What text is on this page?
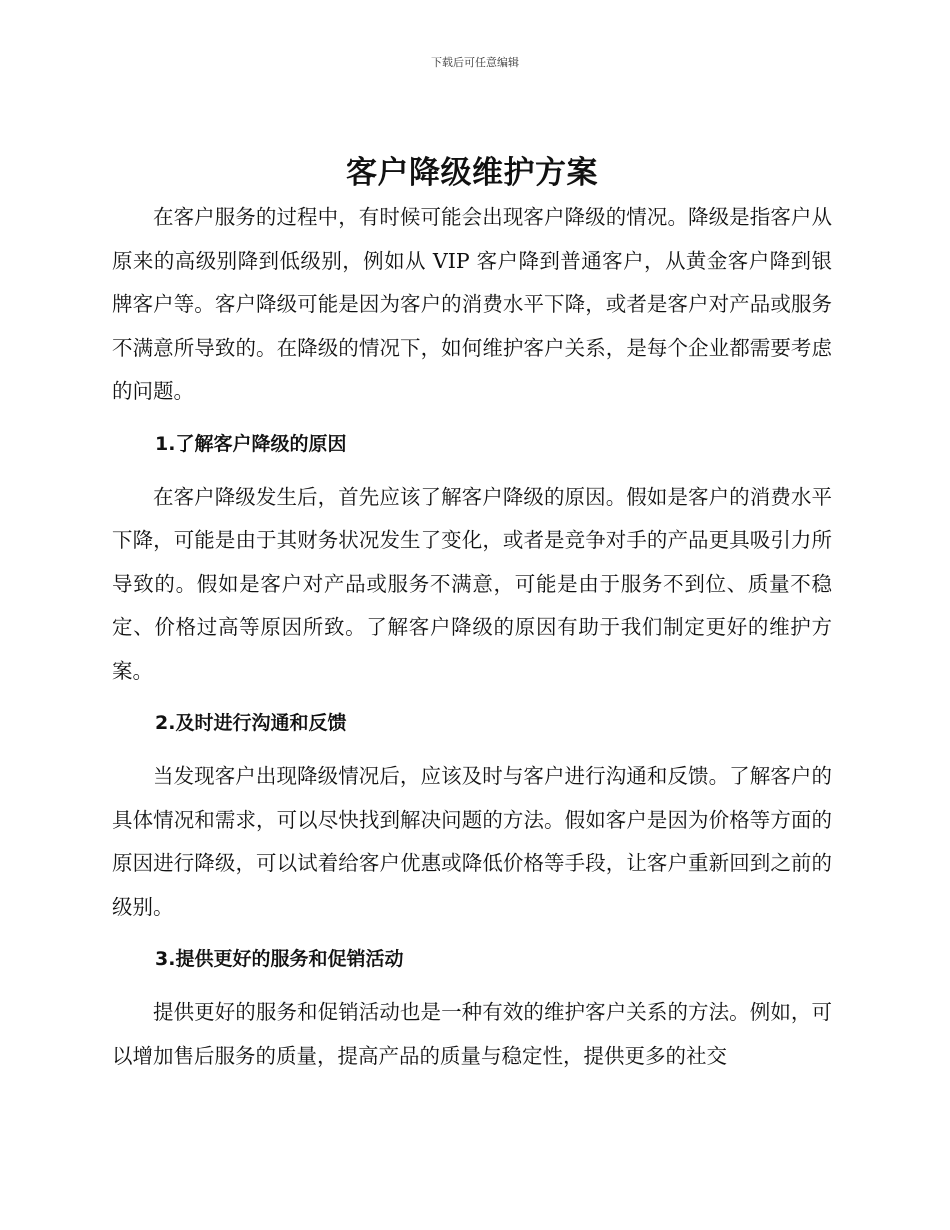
下载后可任意编辑
客户降级维护方案

在客户服务的过程中，有时候可能会出现客户降级的情况。降级是指客户从原来的高级别降到低级别，例如从 VIP 客户降到普通客户，从黄金客户降到银牌客户等。客户降级可能是因为客户的消费水平下降，或者是客户对产品或服务不满意所导致的。在降级的情况下，如何维护客户关系，是每个企业都需要考虑的问题。

1.了解客户降级的原因

在客户降级发生后，首先应该了解客户降级的原因。假如是客户的消费水平下降，可能是由于其财务状况发生了变化，或者是竞争对手的产品更具吸引力所导致的。假如是客户对产品或服务不满意，可能是由于服务不到位、质量不稳定、价格过高等原因所致。了解客户降级的原因有助于我们制定更好的维护方案。

2.及时进行沟通和反馈

当发现客户出现降级情况后，应该及时与客户进行沟通和反馈。了解客户的具体情况和需求，可以尽快找到解决问题的方法。假如客户是因为价格等方面的原因进行降级，可以试着给客户优惠或降低价格等手段，让客户重新回到之前的级别。

3.提供更好的服务和促销活动

提供更好的服务和促销活动也是一种有效的维护客户关系的方法。例如，可以增加售后服务的质量，提高产品的质量与稳定性，提供更多的社交
